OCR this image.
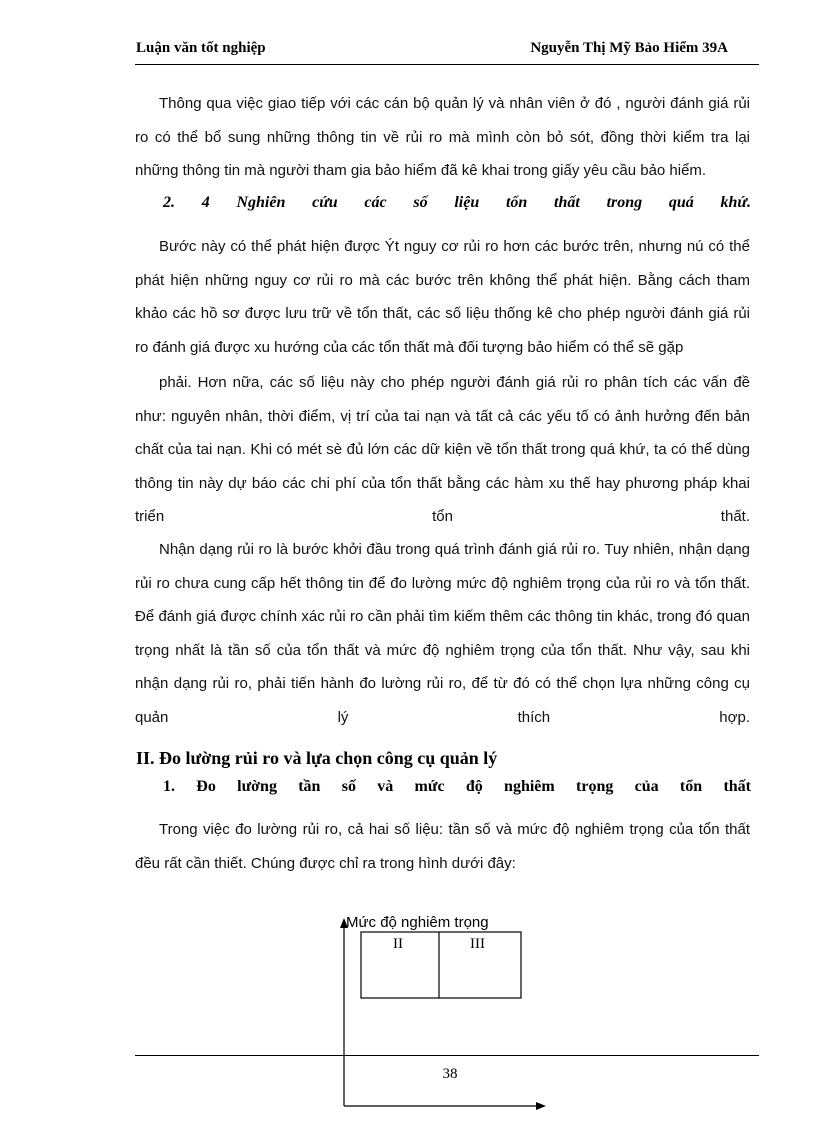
Luận văn tốt nghiệp	Nguyễn Thị Mỹ Bảo Hiểm 39A

Thông qua việc giao tiếp với các cán bộ quản lý và nhân viên ở đó , người đánh giá rủi ro có thể bổ sung những thông tin về rủi ro mà mình còn bỏ sót, đồng thời kiểm tra lại những thông tin mà người tham gia bảo hiểm đã kê khai trong giấy yêu cầu bảo hiểm.

2. 4 Nghiên cứu các số liệu tổn thất trong quá khứ.

Bước này có thể phát hiện được Ýt nguy cơ rủi ro hơn các bước trên, nhưng nú có thể phát hiện những nguy cơ rủi ro mà các bước trên không thể phát hiện. Bằng cách tham khảo các hồ sơ được lưu trữ về tổn thất, các số liệu thống kê cho phép người đánh giá rủi ro đánh giá được xu hướng của các tổn thất mà đối tượng bảo hiểm có thể sẽ gặp

phải. Hơn nữa, các số liệu này cho phép người đánh giá rủi ro phân tích các vấn đề như: nguyên nhân, thời điểm, vị trí của tai nạn và tất cả các yếu tố có ảnh hưởng đến bản chất của tai nạn. Khi có mét sè đủ lớn các dữ kiện về tổn thất trong quá khứ, ta có thể dùng thông tin này dự báo các chi phí của tổn thất bằng các hàm xu thế hay phương pháp khai triển tổn thất.

Nhận dạng rủi ro là bước khởi đầu trong quá trình đánh giá rủi ro. Tuy nhiên, nhận dạng rủi ro chưa cung cấp hết thông tin để đo lường mức độ nghiêm trọng của rủi ro và tổn thất. Để đánh giá được chính xác rủi ro cần phải tìm kiếm thêm các thông tin khác, trong đó quan trọng nhất là tần số của tổn thất và mức độ nghiêm trọng của tổn thất. Như vậy, sau khi nhận dạng rủi ro, phải tiến hành đo lường rủi ro, để từ đó có thể chọn lựa những công cụ quản lý thích hợp.

II. Đo lường rủi ro và lựa chọn công cụ quản lý
1. Đo lường tần số và mức độ nghiêm trọng của tổn thất

Trong việc đo lường rủi ro, cả hai số liệu: tần số và mức độ nghiêm trọng của tổn thất đều rất cần thiết. Chúng được chỉ ra trong hình dưới đây:

Mức độ nghiêm trọng
II	III
38
